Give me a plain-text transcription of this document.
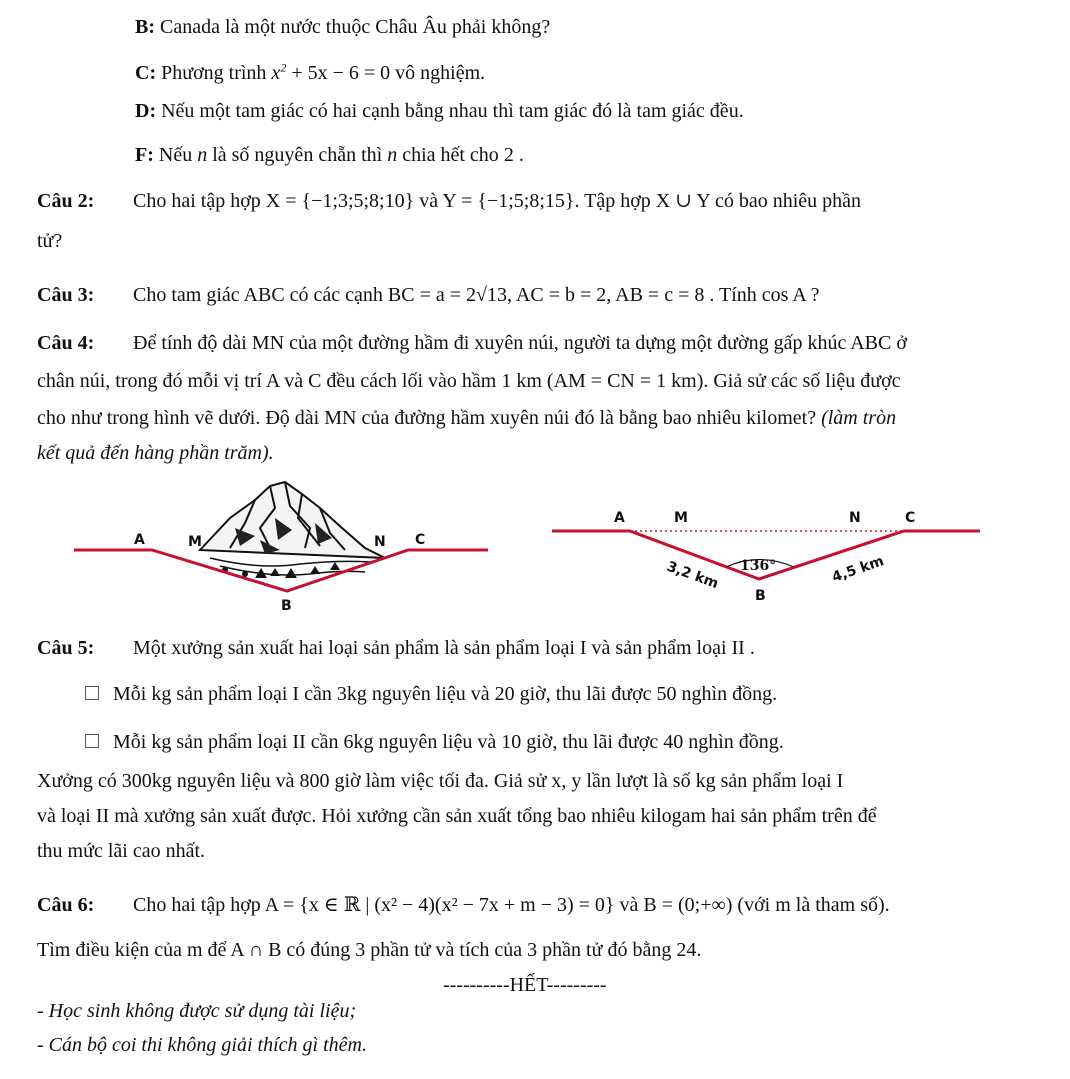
B: Canada là một nước thuộc Châu Âu phải không?
C: Phương trình $x^2 + 5x - 6 = 0$ vô nghiệm.
D: Nếu một tam giác có hai cạnh bằng nhau thì tam giác đó là tam giác đều.
F: Nếu n là số nguyên chẵn thì n chia hết cho 2 .
Câu 2: Cho hai tập hợp X = {−1;3;5;8;10} và Y = {−1;5;8;15}. Tập hợp X ∪ Y có bao nhiêu phần
tử?
Câu 3: Cho tam giác ABC có các cạnh BC = a = 2√13, AC = b = 2, AB = c = 8 . Tính cos A ?
Câu 4: Để tính độ dài MN của một đường hầm đi xuyên núi, người ta dựng một đường gấp khúc ABC ở
chân núi, trong đó mỗi vị trí A và C đều cách lối vào hầm 1 km (AM = CN = 1 km). Giả sử các số liệu được
cho như trong hình vẽ dưới. Độ dài MN của đường hầm xuyên núi đó là bằng bao nhiêu kilomet? (làm tròn
kết quả đến hàng phần trăm).
A	M	N C
B
A	M	N	C
B
136°
3,2 km	4,5 km
Câu 5: Một xưởng sản xuất hai loại sản phẩm là sản phẩm loại I và sản phẩm loại II .
Mỗi kg sản phẩm loại I cần 3kg nguyên liệu và 20 giờ, thu lãi được 50 nghìn đồng.
Mỗi kg sản phẩm loại II cần 6kg nguyên liệu và 10 giờ, thu lãi được 40 nghìn đồng.
Xưởng có 300kg nguyên liệu và 800 giờ làm việc tối đa. Giả sử x, y lần lượt là số kg sản phẩm loại I
và loại II mà xưởng sản xuất được. Hỏi xưởng cần sản xuất tổng bao nhiêu kilogam hai sản phẩm trên để
thu mức lãi cao nhất.
Câu 6: Cho hai tập hợp A = {x ∈ ℝ | (x² − 4)(x² − 7x + m − 3) = 0} và B = (0;+∞) (với m là tham số).
Tìm điều kiện của m để A ∩ B có đúng 3 phần tử và tích của 3 phần tử đó bằng 24.
----------HẾT---------
- Học sinh không được sử dụng tài liệu;
- Cán bộ coi thi không giải thích gì thêm.
